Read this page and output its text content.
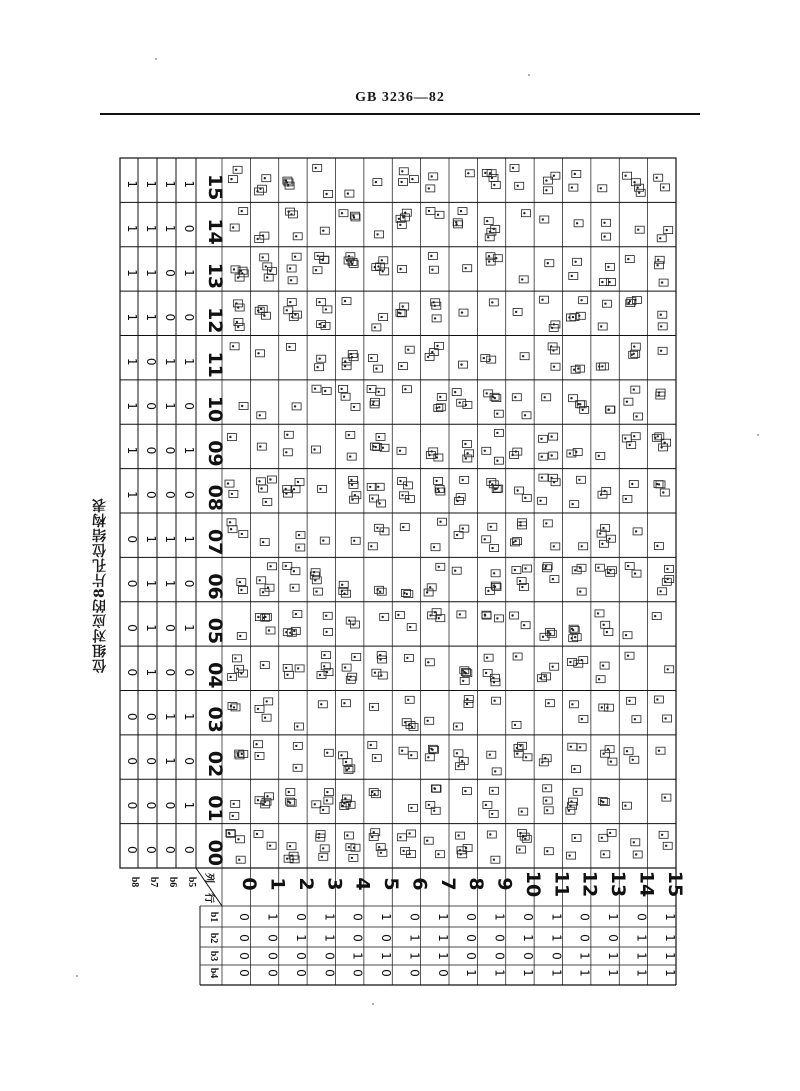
GB 3236—82
位组对应的8片孔位结构表
列
行
b8 b7 b6 b5
1 1 1 1 15
1 1 1 0 14
1 1 0 1 13
1 1 0 0 12
1 0 1 1 11
1 0 1 0 10
1 0 0 1 09
1 0 0 0 08
0 1 1 1 07
0 1 1 0 06
0 1 0 1 05
0 1 0 0 04
0 0 1 1 03
0 0 1 0 02
0 0 0 1 01
0 0 0 0 00
0
0
0
0
0
1
1
0
0
0
2
0
1
0
0
3
1
1
0
0
4
0
0
1
0
5
1
0
1
0
6
0
1
1
0
7
1
1
1
0
8
0
0
0
1
9
1
0
0
1
10
0
1
0
1
11
1
1
0
1
12
0
0
1
1
13
1
0
1
1
14
0
1
1
1
15
1
1
1
1
b1
b2
b3
b4
